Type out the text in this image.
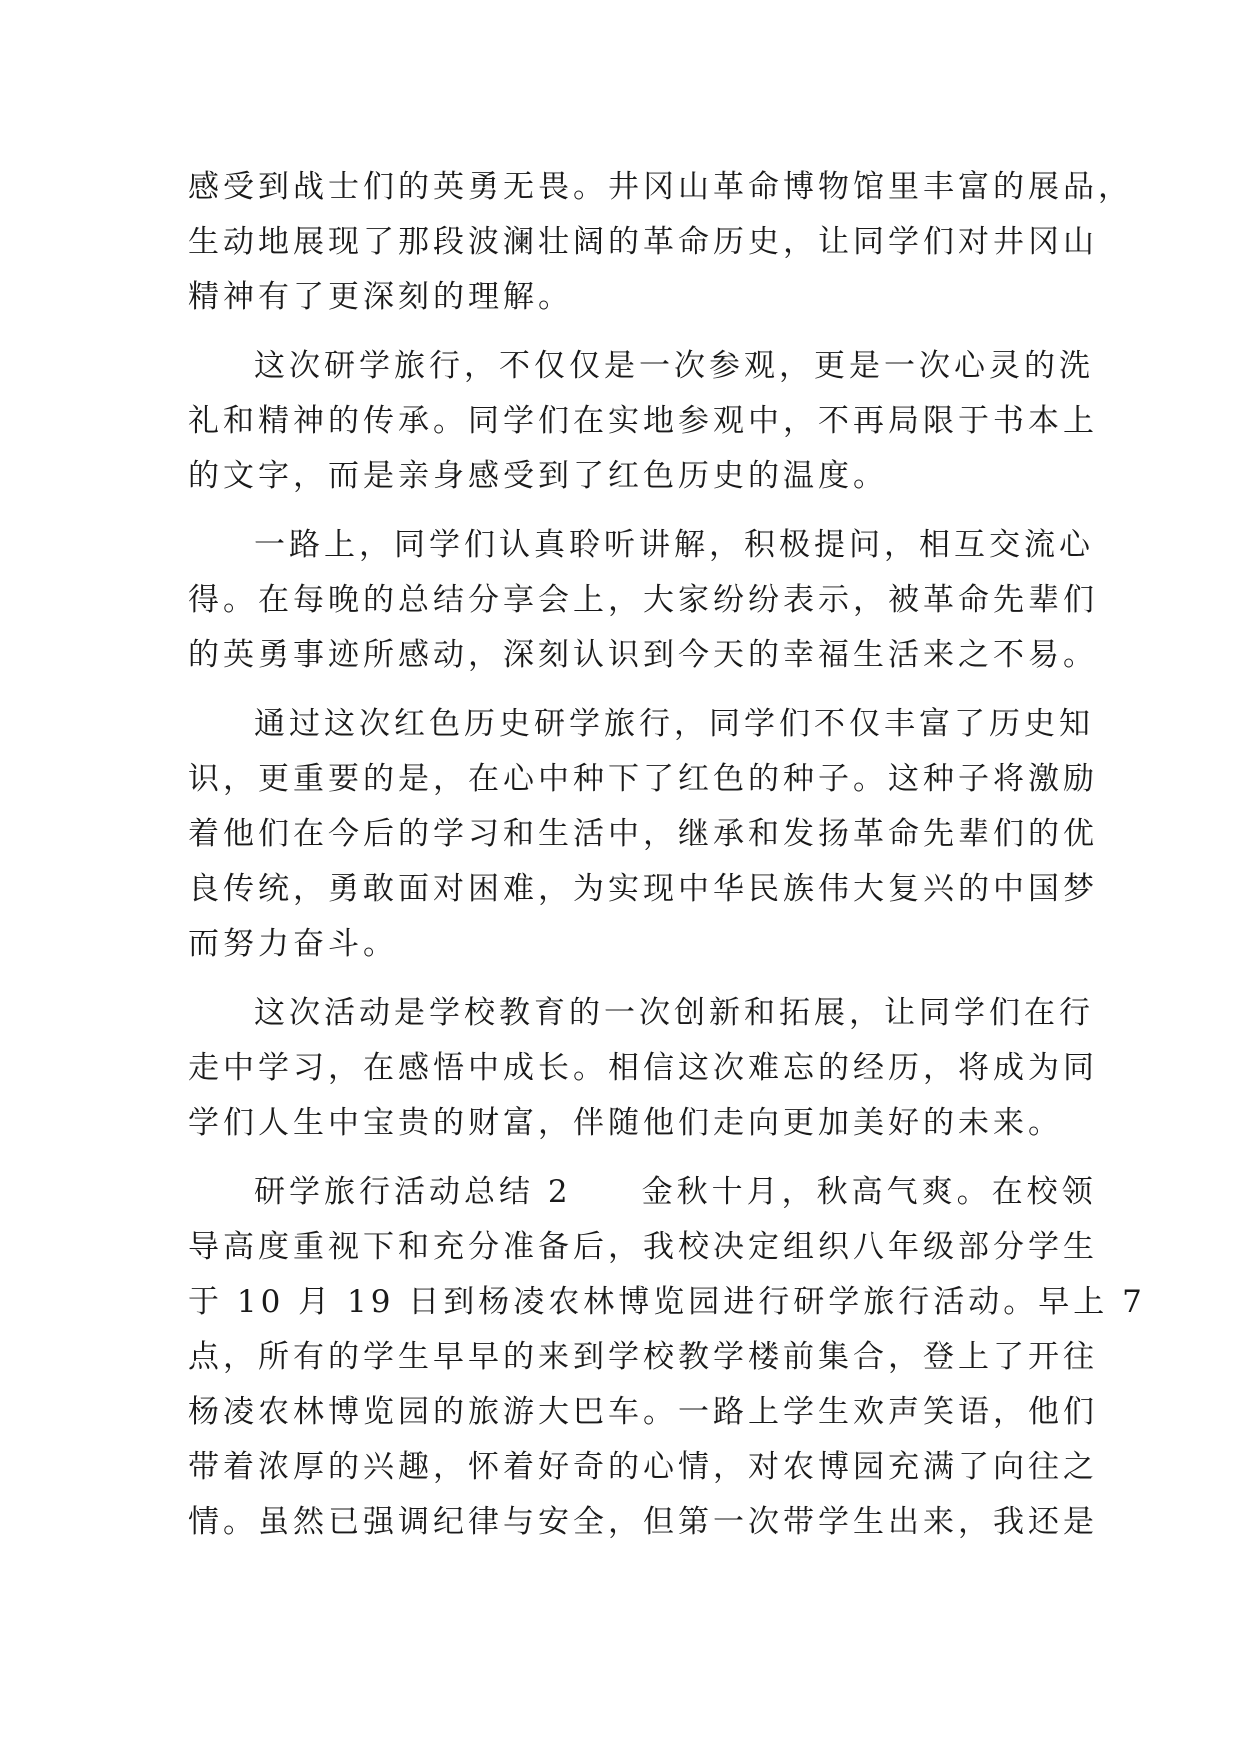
感受到战士们的英勇无畏。井冈山革命博物馆里丰富的展品，
生动地展现了那段波澜壮阔的革命历史，让同学们对井冈山
精神有了更深刻的理解。
这次研学旅行，不仅仅是一次参观，更是一次心灵的洗
礼和精神的传承。同学们在实地参观中，不再局限于书本上
的文字，而是亲身感受到了红色历史的温度。
一路上，同学们认真聆听讲解，积极提问，相互交流心
得。在每晚的总结分享会上，大家纷纷表示，被革命先辈们
的英勇事迹所感动，深刻认识到今天的幸福生活来之不易。
通过这次红色历史研学旅行，同学们不仅丰富了历史知
识，更重要的是，在心中种下了红色的种子。这种子将激励
着他们在今后的学习和生活中，继承和发扬革命先辈们的优
良传统，勇敢面对困难，为实现中华民族伟大复兴的中国梦
而努力奋斗。
这次活动是学校教育的一次创新和拓展，让同学们在行
走中学习，在感悟中成长。相信这次难忘的经历，将成为同
学们人生中宝贵的财富，伴随他们走向更加美好的未来。
研学旅行活动总结 2　　金秋十月，秋高气爽。在校领
导高度重视下和充分准备后，我校决定组织八年级部分学生
于 10 月 19 日到杨凌农林博览园进行研学旅行活动。早上 7
点，所有的学生早早的来到学校教学楼前集合，登上了开往
杨凌农林博览园的旅游大巴车。一路上学生欢声笑语，他们
带着浓厚的兴趣，怀着好奇的心情，对农博园充满了向往之
情。虽然已强调纪律与安全，但第一次带学生出来，我还是
